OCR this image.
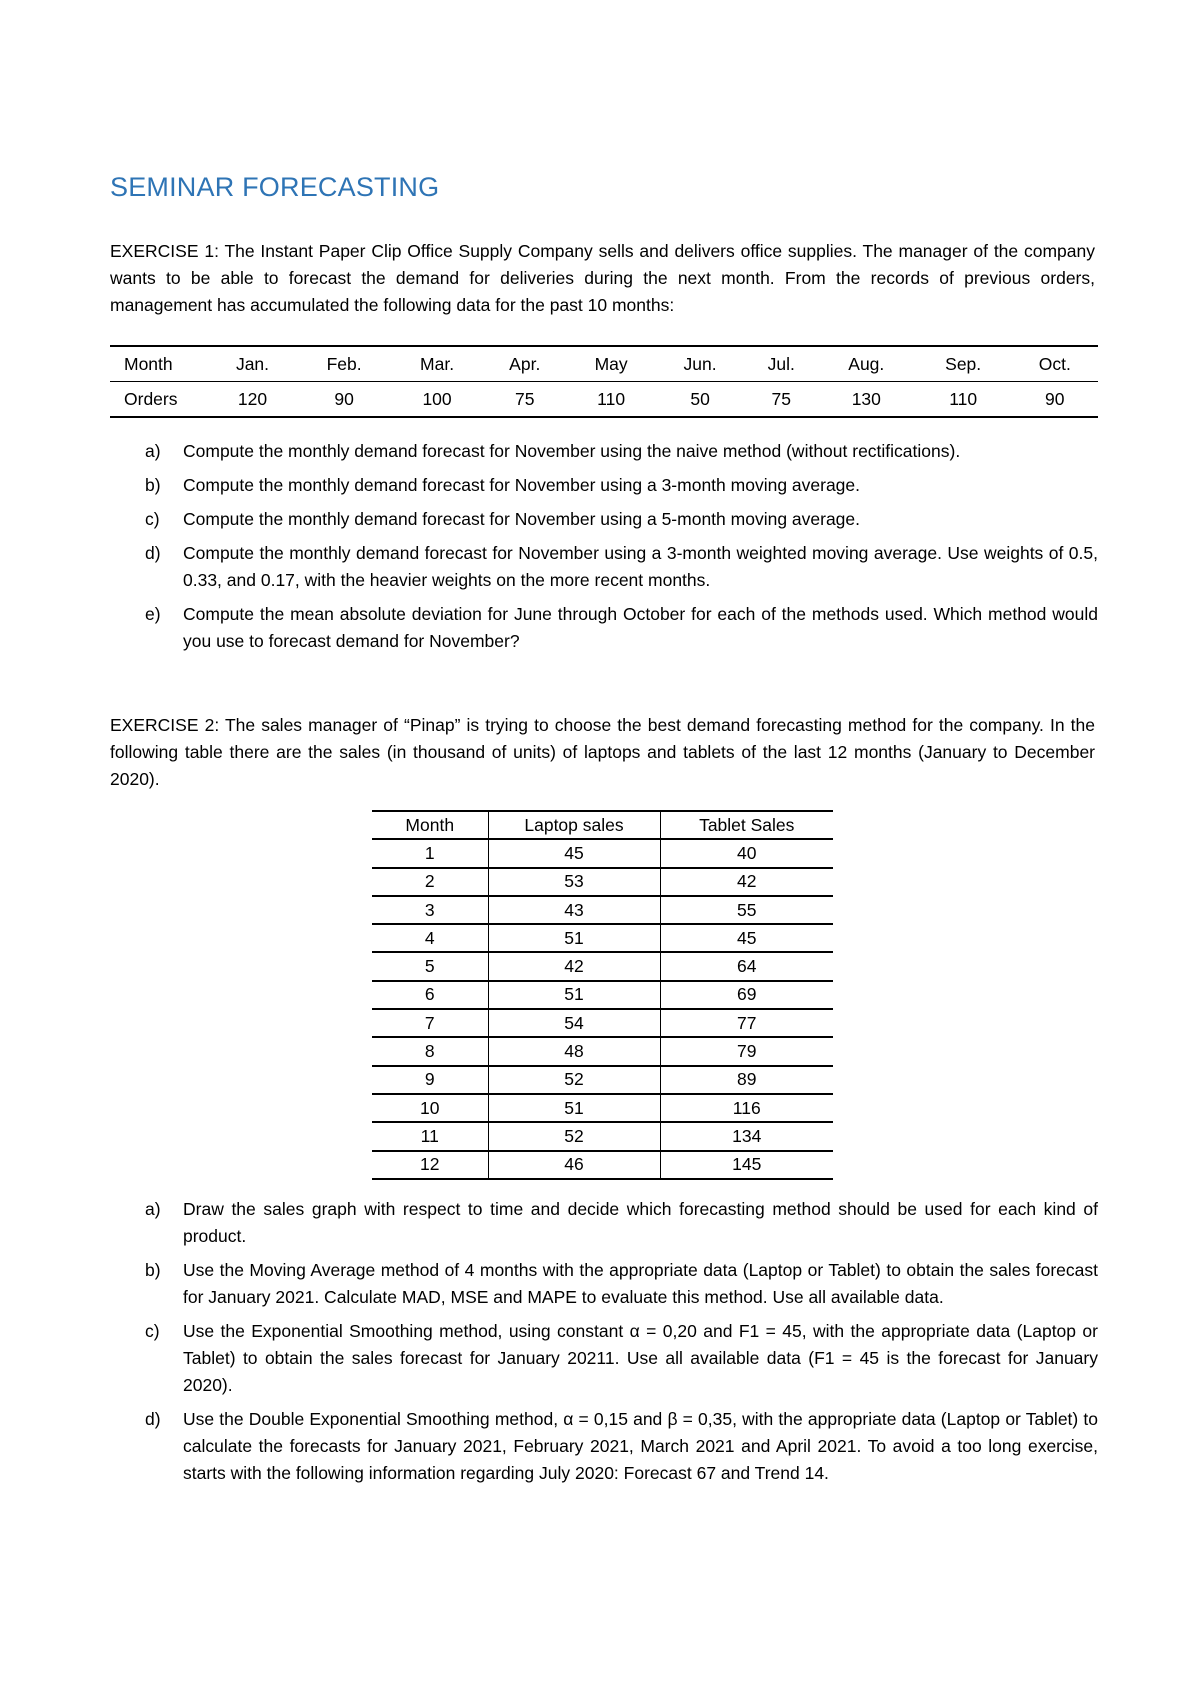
SEMINAR FORECASTING
EXERCISE 1: The Instant Paper Clip Office Supply Company sells and delivers office supplies. The manager of the company wants to be able to forecast the demand for deliveries during the next month. From the records of previous orders, management has accumulated the following data for the past 10 months:
Month	Jan.	Feb.	Mar.	Apr.	May	Jun.	Jul.	Aug.	Sep.	Oct.
Orders	120	90	100	75	110	50	75	130	110	90
a) Compute the monthly demand forecast for November using the naive method (without rectifications).
b) Compute the monthly demand forecast for November using a 3-month moving average.
c) Compute the monthly demand forecast for November using a 5-month moving average.
d) Compute the monthly demand forecast for November using a 3-month weighted moving average. Use weights of 0.5, 0.33, and 0.17, with the heavier weights on the more recent months.
e) Compute the mean absolute deviation for June through October for each of the methods used. Which method would you use to forecast demand for November?
EXERCISE 2: The sales manager of “Pinap” is trying to choose the best demand forecasting method for the company. In the following table there are the sales (in thousand of units) of laptops and tablets of the last 12 months (January to December 2020).
Month	Laptop sales	Tablet Sales
1	45	40
2	53	42
3	43	55
4	51	45
5	42	64
6	51	69
7	54	77
8	48	79
9	52	89
10	51	116
11	52	134
12	46	145
a) Draw the sales graph with respect to time and decide which forecasting method should be used for each kind of product.
b) Use the Moving Average method of 4 months with the appropriate data (Laptop or Tablet) to obtain the sales forecast for January 2021. Calculate MAD, MSE and MAPE to evaluate this method. Use all available data.
c) Use the Exponential Smoothing method, using constant α = 0,20 and F1 = 45, with the appropriate data (Laptop or Tablet) to obtain the sales forecast for January 20211. Use all available data (F1 = 45 is the forecast for January 2020).
d) Use the Double Exponential Smoothing method, α = 0,15 and β = 0,35, with the appropriate data (Laptop or Tablet) to calculate the forecasts for January 2021, February 2021, March 2021 and April 2021. To avoid a too long exercise, starts with the following information regarding July 2020: Forecast 67 and Trend 14.
